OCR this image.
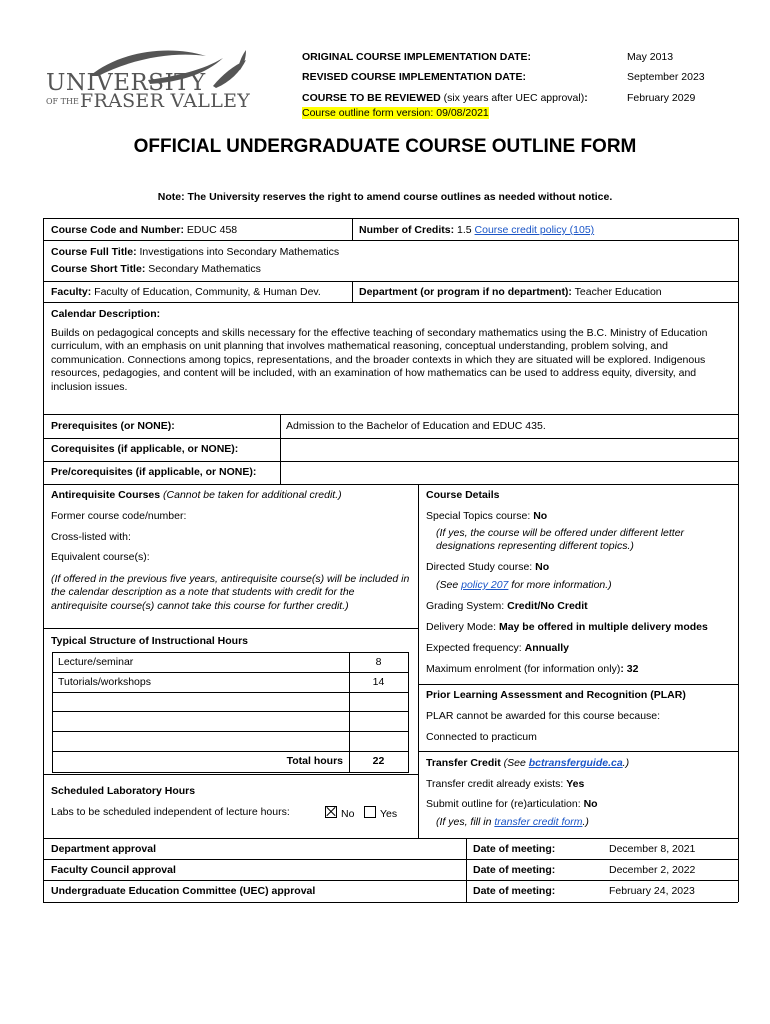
UNIVERSITY
OF THE FRASER VALLEY
ORIGINAL COURSE IMPLEMENTATION DATE:	May 2013
REVISED COURSE IMPLEMENTATION DATE:	September 2023
COURSE TO BE REVIEWED (six years after UEC approval):	February 2029
Course outline form version: 09/08/2021
OFFICIAL UNDERGRADUATE COURSE OUTLINE FORM
Note: The University reserves the right to amend course outlines as needed without notice.
Course Code and Number: EDUC 458	Number of Credits: 1.5 Course credit policy (105)
Course Full Title: Investigations into Secondary Mathematics
Course Short Title: Secondary Mathematics
Faculty: Faculty of Education, Community, & Human Dev.	Department (or program if no department): Teacher Education
Calendar Description:
Builds on pedagogical concepts and skills necessary for the effective teaching of secondary mathematics using the B.C. Ministry of Education curriculum, with an emphasis on unit planning that involves mathematical reasoning, conceptual understanding, problem solving, and communication. Connections among topics, representations, and the broader contexts in which they are situated will be explored. Indigenous resources, pedagogies, and content will be included, with an examination of how mathematics can be used to address equity, diversity, and inclusion issues.
Prerequisites (or NONE):	Admission to the Bachelor of Education and EDUC 435.
Corequisites (if applicable, or NONE):
Pre/corequisites (if applicable, or NONE):
Antirequisite Courses (Cannot be taken for additional credit.)
Former course code/number:
Cross-listed with:
Equivalent course(s):
(If offered in the previous five years, antirequisite course(s) will be included in the calendar description as a note that students with credit for the antirequisite course(s) cannot take this course for further credit.)
Typical Structure of Instructional Hours
Lecture/seminar	8
Tutorials/workshops	14
Total hours	22
Scheduled Laboratory Hours
Labs to be scheduled independent of lecture hours:	No	Yes
Course Details
Special Topics course: No
(If yes, the course will be offered under different letter designations representing different topics.)
Directed Study course: No
(See policy 207 for more information.)
Grading System: Credit/No Credit
Delivery Mode: May be offered in multiple delivery modes
Expected frequency: Annually
Maximum enrolment (for information only): 32
Prior Learning Assessment and Recognition (PLAR)
PLAR cannot be awarded for this course because:
Connected to practicum
Transfer Credit (See bctransferguide.ca.)
Transfer credit already exists: Yes
Submit outline for (re)articulation: No
(If yes, fill in transfer credit form.)
Department approval	Date of meeting:	December 8, 2021
Faculty Council approval	Date of meeting:	December 2, 2022
Undergraduate Education Committee (UEC) approval	Date of meeting:	February 24, 2023
